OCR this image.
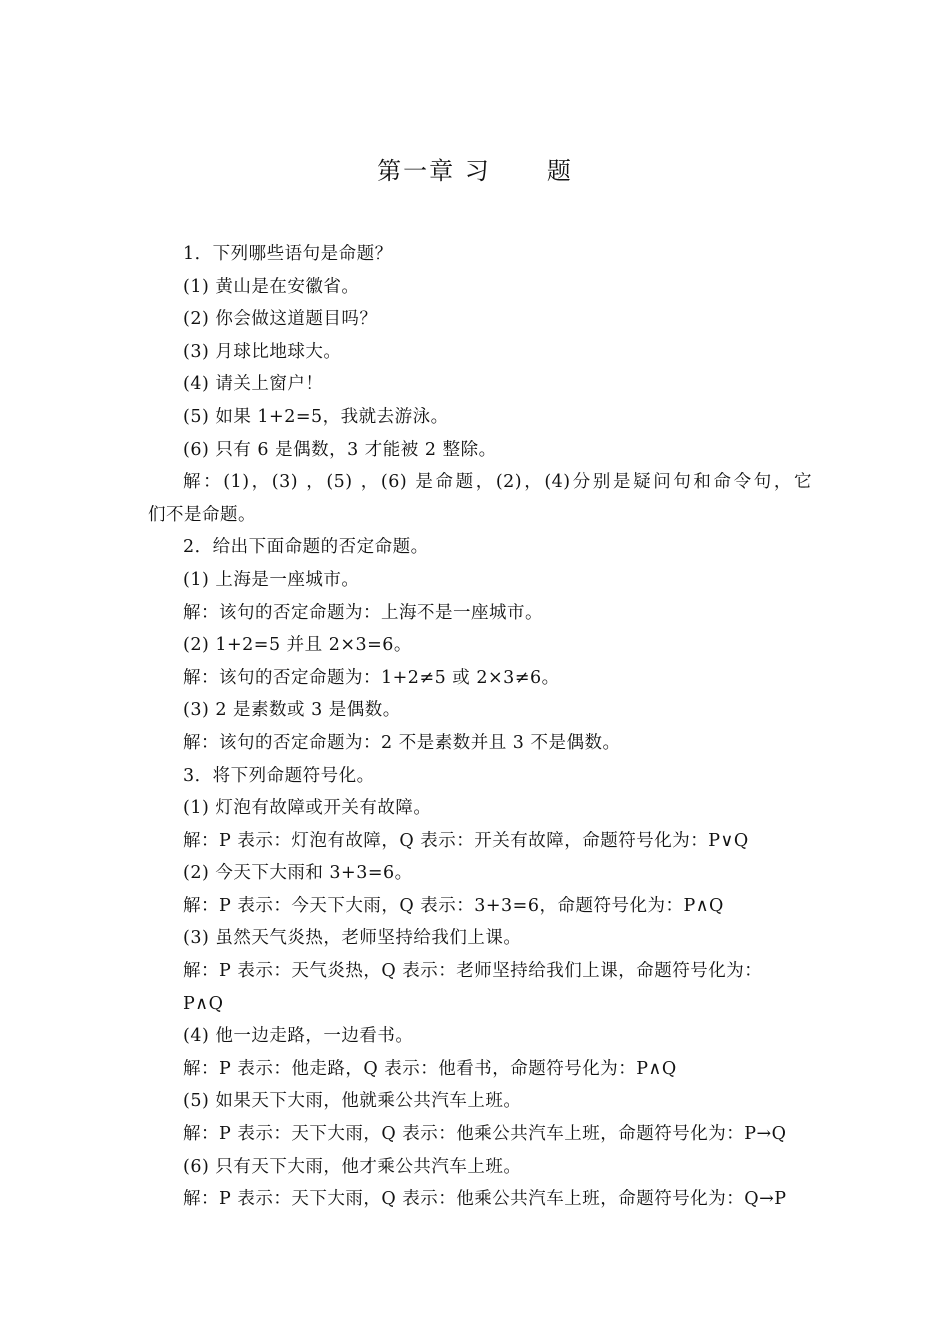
第一章 习 题
1．下列哪些语句是命题？
(1) 黄山是在安徽省。
(2) 你会做这道题目吗？
(3) 月球比地球大。
(4) 请关上窗户！
(5) 如果 1+2=5，我就去游泳。
(6) 只有 6 是偶数，3 才能被 2 整除。
解：(1)，(3) ，(5) ，(6) 是命题，(2)，(4)分别是疑问句和命令句，它
们不是命题。
2．给出下面命题的否定命题。
(1) 上海是一座城市。
解：该句的否定命题为：上海不是一座城市。
(2) 1+2=5 并且 2×3=6。
解：该句的否定命题为：1+2≠5 或 2×3≠6。
(3) 2 是素数或 3 是偶数。
解：该句的否定命题为：2 不是素数并且 3 不是偶数。
3．将下列命题符号化。
(1) 灯泡有故障或开关有故障。
解：P 表示：灯泡有故障，Q 表示：开关有故障，命题符号化为：P∨Q
(2) 今天下大雨和 3+3=6。
解：P 表示：今天下大雨，Q 表示：3+3=6，命题符号化为：P∧Q
(3) 虽然天气炎热，老师坚持给我们上课。
解：P 表示：天气炎热，Q 表示：老师坚持给我们上课，命题符号化为：
P∧Q
(4) 他一边走路，一边看书。
解：P 表示：他走路，Q 表示：他看书，命题符号化为：P∧Q
(5) 如果天下大雨，他就乘公共汽车上班。
解：P 表示：天下大雨，Q 表示：他乘公共汽车上班，命题符号化为：P→Q
(6) 只有天下大雨，他才乘公共汽车上班。
解：P 表示：天下大雨，Q 表示：他乘公共汽车上班，命题符号化为：Q→P
